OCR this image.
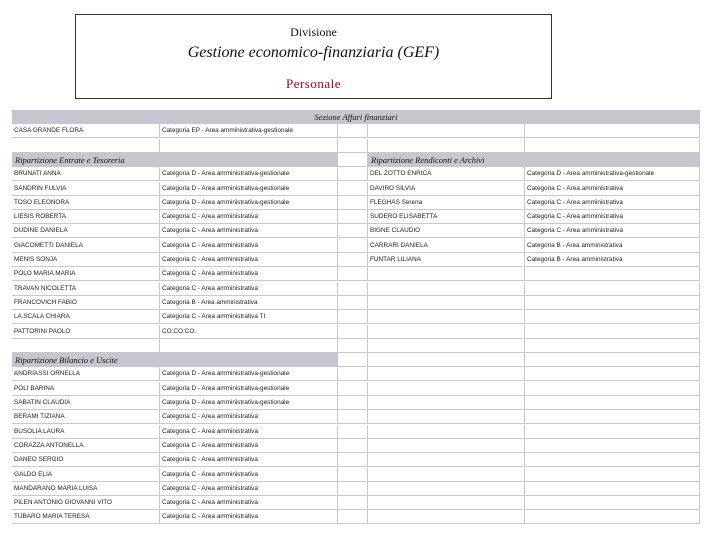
Divisione
Gestione economico-finanziaria (GEF)
Personale
Sezione Affari finanziari
CASA GRANDE FLORA	Categoria EP - Area amministrativa-gestionale
Ripartizione Entrate e Tesoreria	Ripartizione Rendiconti e Archivi
BRUNATI ANNA	Categoria D - Area amministrativa-gestionale	DEL ZOTTO ENRICA	Categoria D - Area amministrativa-gestionale
SANDRIN FULVIA	Categoria D - Area amministrativa-gestionale	DAVIRO SILVIA	Categoria C - Area amministrativa
TOSO ELEONORA	Categoria D - Area amministrativa-gestionale	FLEGHAS Serena	Categoria C - Area amministrativa
LIESIS ROBERTA	Categoria C - Area amministrativa	SUDERO ELISABETTA	Categoria C - Area amministrativa
DUDINE DANIELA	Categoria C - Area amministrativa	BIGNE CLAUDIO	Categoria C - Area amministrativa
GIACOMETTI DANIELA	Categoria C - Area amministrativa	CARRARI DANIELA	Categoria B - Area amministrativa
MENIS SONJA	Categoria C - Area amministrativa	FUNTAR LILIANA	Categoria B - Area amministrativa
POLO MARIA MARIA	Categoria C - Area amministrativa
TRAVAN NICOLETTA	Categoria C - Area amministrativa
FRANCOVICH FABIO	Categoria B - Area amministrativa
LA SCALA CHIARA	Categoria C - Area amministrativa TI
PATTORINI PAOLO	CO.CO.CO.
Ripartizione Bilancio e Uscite
ANDRIASSI ORNELLA	Categoria D - Area amministrativa-gestionale
POLI BARINA	Categoria D - Area amministrativa-gestionale
SABATIN CLAUDIA	Categoria D - Area amministrativa-gestionale
BERAMI TIZIANA	Categoria C - Area amministrativa
BUSOLIA LAURA	Categoria C - Area amministrativa
CORAZZA ANTONELLA	Categoria C - Area amministrativa
DANEO SERGIO	Categoria C - Area amministrativa
GALDO ELIA	Categoria C - Area amministrativa
MANDARANO MARIA LUISA	Categoria C - Area amministrativa
PILEN ANTONIO GIOVANNI VITO	Categoria C - Area amministrativa
TUBARO MARIA TERESA	Categoria C - Area amministrativa
